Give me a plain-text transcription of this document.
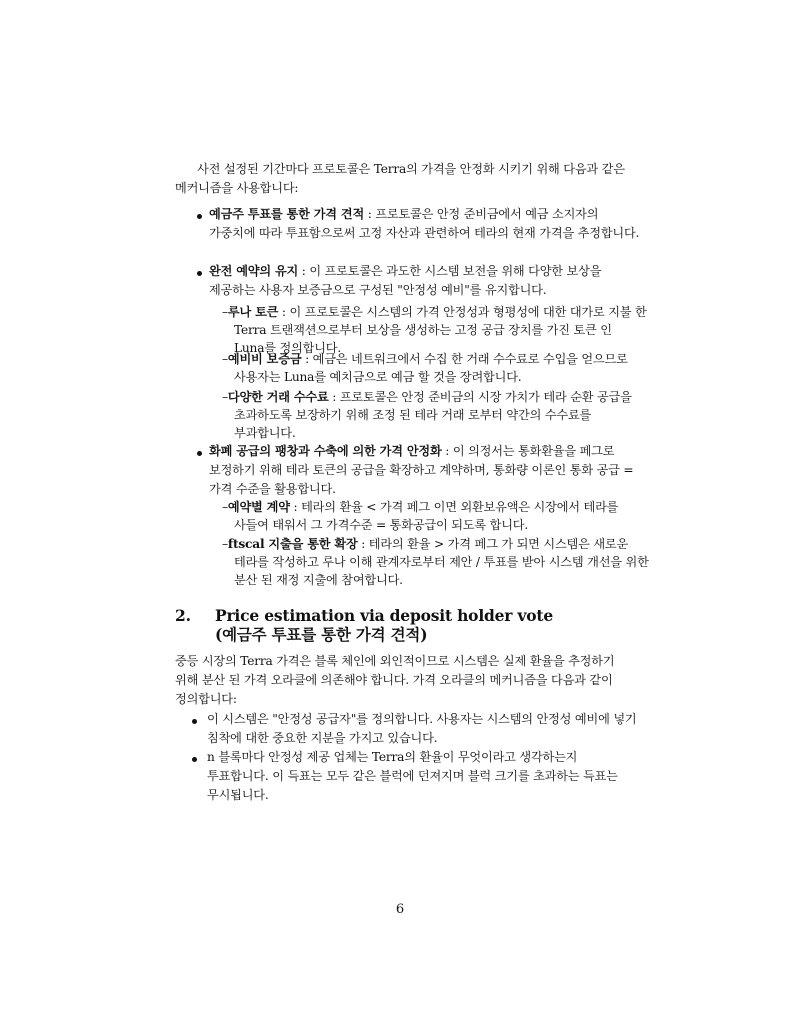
사전 설정된 기간마다 프로토콜은 Terra의 가격을 안정화 시키기 위해 다음과 같은 메커니즘을 사용합니다:

예금주 투표를 통한 가격 견적 : 프로토콜은 안정 준비금에서 예금 소지자의 가중치에 따라 투표함으로써 고정 자산과 관련하여 테라의 현재 가격을 추정합니다.

완전 예약의 유지 : 이 프로토콜은 과도한 시스템 보전을 위해 다양한 보상을 제공하는 사용자 보증금으로 구성된 "안정성 예비"를 유지합니다.

–루나 토큰 : 이 프로토콜은 시스템의 가격 안정성과 형평성에 대한 대가로 지불 한 Terra 트랜잭션으로부터 보상을 생성하는 고정 공급 장치를 가진 토큰 인 Luna를 정의합니다.

–예비비 보증금 : 예금은 네트워크에서 수집 한 거래 수수료로 수입을 얻으므로 사용자는 Luna를 예치금으로 예금 할 것을 장려합니다.

–다양한 거래 수수료 : 프로토콜은 안정 준비금의 시장 가치가 테라 순환 공급을 초과하도록 보장하기 위해 조정 된 테라 거래 로부터 약간의 수수료를 부과합니다.

화폐 공급의 팽창과 수축에 의한 가격 안정화 : 이 의정서는 통화환율을 페그로 보정하기 위해 테라 토큰의 공급을 확장하고 계약하며, 통화량 이론인 통화 공급 = 가격 수준을 활용합니다.

–예약별 계약 : 테라의 환율 < 가격 페그 이면 외환보유액은 시장에서 테라를 사들여 태워서 그 가격수준 = 통화공급이 되도록 합니다.

–ftscal 지출을 통한 확장 : 테라의 환율 > 가격 페그 가 되면 시스템은 새로운 테라를 작성하고 루나 이해 관계자로부터 제안 / 투표를 받아 시스템 개선을 위한 분산 된 재정 지출에 참여합니다.

2. Price estimation via deposit holder vote

(예금주 투표를 통한 가격 견적)

중등 시장의 Terra 가격은 블록 체인에 외인적이므로 시스템은 실제 환율을 추정하기 위해 분산 된 가격 오라클에 의존해야 합니다. 가격 오라클의 메커니즘을 다음과 같이 정의합니다:

이 시스템은 "안정성 공급자"를 정의합니다. 사용자는 시스템의 안정성 예비에 넣기 침착에 대한 중요한 지분을 가지고 있습니다.

n 블록마다 안정성 제공 업체는 Terra의 환율이 무엇이라고 생각하는지 투표합니다. 이 득표는 모두 같은 블럭에 던져지며 블럭 크기를 초과하는 득표는 무시됩니다.

6
